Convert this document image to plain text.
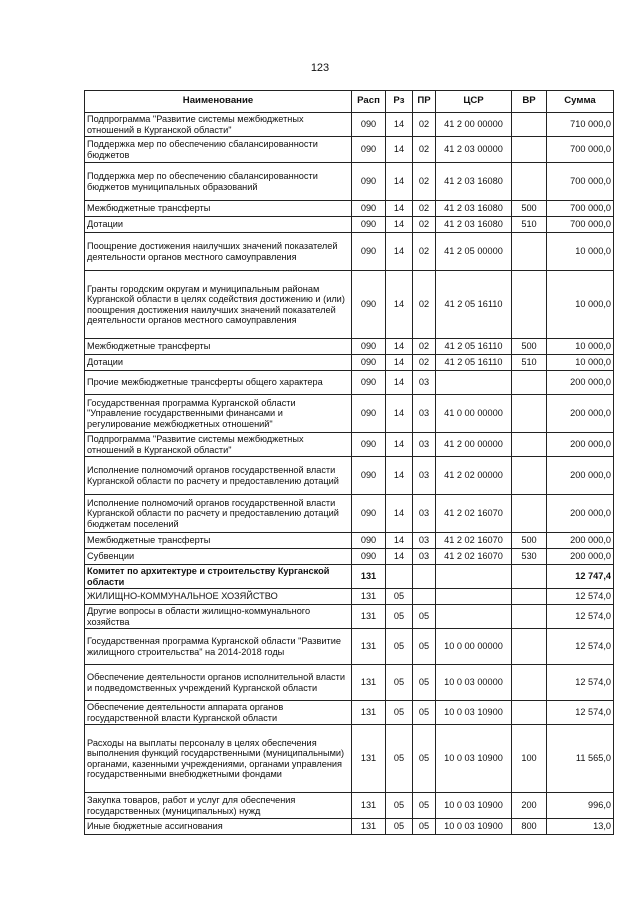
123
Наименование	Расп	Рз	ПР	ЦСР	ВР	Сумма
Подпрограмма "Развитие системы межбюджетных отношений в Курганской области"	090	14	02	41 2 00 00000		710 000,0
Поддержка мер по обеспечению сбалансированности бюджетов	090	14	02	41 2 03 00000		700 000,0
Поддержка мер по обеспечению сбалансированности бюджетов муниципальных образований	090	14	02	41 2 03 16080		700 000,0
Межбюджетные трансферты	090	14	02	41 2 03 16080	500	700 000,0
Дотации	090	14	02	41 2 03 16080	510	700 000,0
Поощрение достижения наилучших значений показателей деятельности органов местного самоуправления	090	14	02	41 2 05 00000		10 000,0
Гранты городским округам и муниципальным районам Курганской области в целях содействия достижению и (или) поощрения достижения наилучших значений показателей деятельности органов местного самоуправления	090	14	02	41 2 05 16110		10 000,0
Межбюджетные трансферты	090	14	02	41 2 05 16110	500	10 000,0
Дотации	090	14	02	41 2 05 16110	510	10 000,0
Прочие межбюджетные трансферты общего характера	090	14	03			200 000,0
Государственная программа Курганской области "Управление государственными финансами и регулирование межбюджетных отношений"	090	14	03	41 0 00 00000		200 000,0
Подпрограмма "Развитие системы межбюджетных отношений в Курганской области"	090	14	03	41 2 00 00000		200 000,0
Исполнение полномочий органов государственной власти Курганской области по расчету и предоставлению дотаций	090	14	03	41 2 02 00000		200 000,0
Исполнение полномочий органов государственной власти Курганской области по расчету и предоставлению дотаций бюджетам поселений	090	14	03	41 2 02 16070		200 000,0
Межбюджетные трансферты	090	14	03	41 2 02 16070	500	200 000,0
Субвенции	090	14	03	41 2 02 16070	530	200 000,0
Комитет по архитектуре и строительству Курганской области	131					12 747,4
ЖИЛИЩНО-КОММУНАЛЬНОЕ ХОЗЯЙСТВО	131	05				12 574,0
Другие вопросы в области жилищно-коммунального хозяйства	131	05	05			12 574,0
Государственная программа Курганской области "Развитие жилищного строительства" на 2014-2018 годы	131	05	05	10 0 00 00000		12 574,0
Обеспечение деятельности органов исполнительной власти и подведомственных учреждений Курганской области	131	05	05	10 0 03 00000		12 574,0
Обеспечение деятельности аппарата органов государственной власти Курганской области	131	05	05	10 0 03 10900		12 574,0
Расходы на выплаты персоналу в целях обеспечения выполнения функций государственными (муниципальными) органами, казенными учреждениями, органами управления государственными внебюджетными фондами	131	05	05	10 0 03 10900	100	11 565,0
Закупка товаров, работ и услуг для обеспечения государственных (муниципальных) нужд	131	05	05	10 0 03 10900	200	996,0
Иные бюджетные ассигнования	131	05	05	10 0 03 10900	800	13,0
